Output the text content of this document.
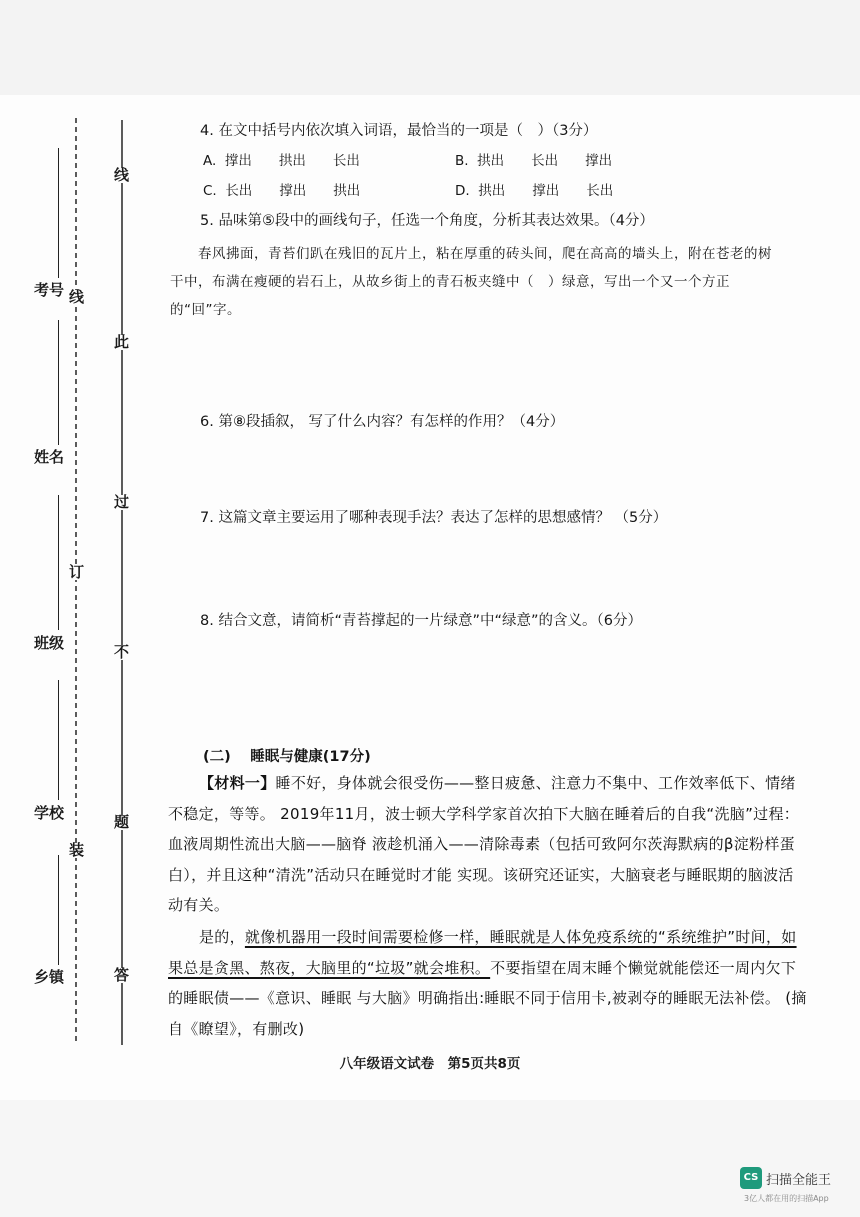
考号
姓名
班级
学校
乡镇
线
订
装
线
此
过
不
题
答
4. 在文中括号内依次填入词语，最恰当的一项是（　）（3分）
A. 撑出　　拱出　　长出	B. 拱出　　长出　　撑出
C. 长出　　撑出　　拱出	D. 拱出　　撑出　　长出
5. 品味第⑤段中的画线句子，任选一个角度，分析其表达效果。（4分）
春风拂面，青苔们趴在残旧的瓦片上，粘在厚重的砖头间，爬在高高的墙头上，附在苍老的树干中，布满在瘦硬的岩石上，从故乡街上的青石板夹缝中（　）绿意，写出一个又一个方正的“回”字。
6. 第⑧段插叙， 写了什么内容？有怎样的作用？（4分）
7. 这篇文章主要运用了哪种表现手法？表达了怎样的思想感情？ （5分）
8. 结合文意，请简析“青苔撑起的一片绿意”中“绿意”的含义。（6分）
(二)　 睡眠与健康(17分)
【材料一】睡不好，身体就会很受伤——整日疲惫、注意力不集中、工作效率低下、情绪不稳定，等等。 2019年11月，波士顿大学科学家首次拍下大脑在睡着后的自我“洗脑”过程：血液周期性流出大脑——脑脊 液趁机涌入——清除毒素（包括可致阿尔茨海默病的β淀粉样蛋白），并且这种“清洗”活动只在睡觉时才能 实现。该研究还证实，大脑衰老与睡眠期的脑波活动有关。
是的，就像机器用一段时间需要检修一样，睡眠就是人体免疫系统的“系统维护”时间，如果总是贪黑、熬夜，大脑里的“垃圾”就会堆积。不要指望在周末睡个懒觉就能偿还一周内欠下的睡眠债——《意识、睡眠 与大脑》明确指出:睡眠不同于信用卡,被剥夺的睡眠无法补偿。 (摘自《瞭望》，有删改)
八年级语文试卷　第5页共8页
CS 扫描全能王
3亿人都在用的扫描App
